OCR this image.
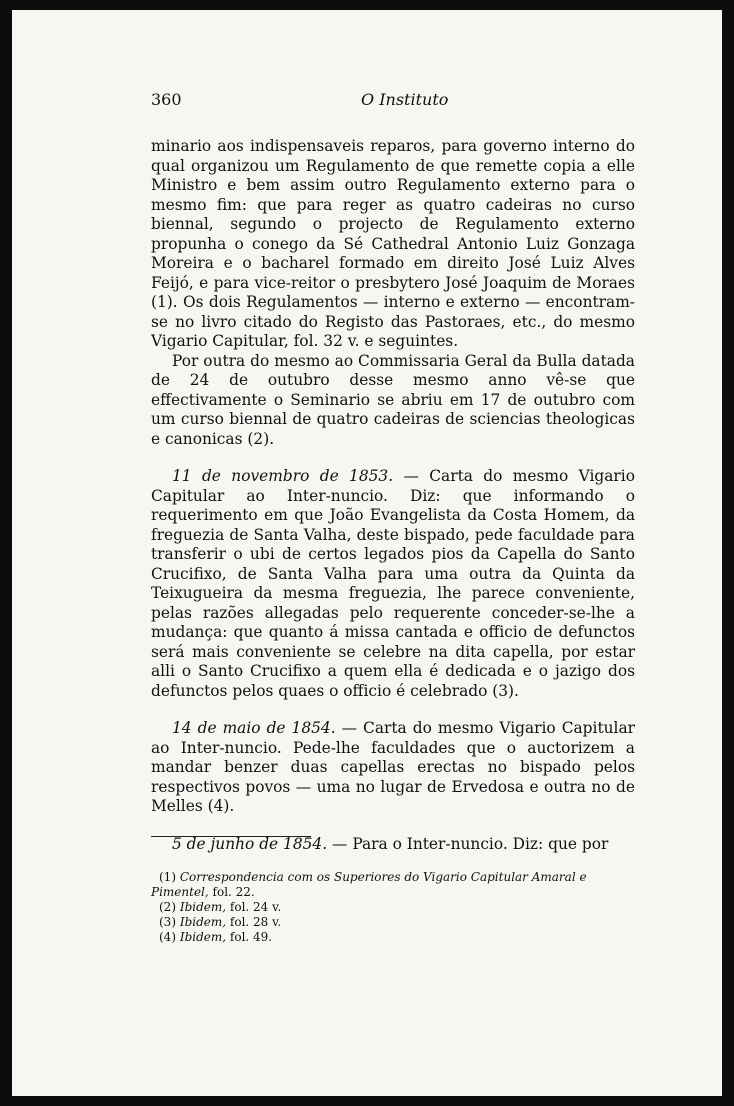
360	O Instituto

minario aos indispensaveis reparos, para governo interno do qual organizou um Regulamento de que remette copia a elle Ministro e bem assim outro Regulamento externo para o mesmo fim: que para reger as quatro cadeiras no curso biennal, segundo o projecto de Regulamento externo propunha o conego da Sé Cathedral Antonio Luiz Gonzaga Moreira e o bacharel formado em direito José Luiz Alves Feijó, e para vice-reitor o presbytero José Joaquim de Moraes (1). Os dois Regulamentos — interno e externo — encontram-se no livro citado do Registo das Pastoraes, etc., do mesmo Vigario Capitular, fol. 32 v. e seguintes.

Por outra do mesmo ao Commissaria Geral da Bulla datada de 24 de outubro desse mesmo anno vê-se que effectivamente o Seminario se abriu em 17 de outubro com um curso biennal de quatro cadeiras de sciencias theologicas e canonicas (2).

11 de novembro de 1853. — Carta do mesmo Vigario Capitular ao Inter-nuncio. Diz: que informando o requerimento em que João Evangelista da Costa Homem, da freguezia de Santa Valha, deste bispado, pede faculdade para transferir o ubi de certos legados pios da Capella do Santo Crucifixo, de Santa Valha para uma outra da Quinta da Teixugueira da mesma freguezia, lhe parece conveniente, pelas razões allegadas pelo requerente conceder-se-lhe a mudança: que quanto á missa cantada e officio de defunctos será mais conveniente se celebre na dita capella, por estar alli o Santo Crucifixo a quem ella é dedicada e o jazigo dos defunctos pelos quaes o officio é celebrado (3).

14 de maio de 1854. — Carta do mesmo Vigario Capitular ao Inter-nuncio. Pede-lhe faculdades que o auctorizem a mandar benzer duas capellas erectas no bispado pelos respectivos povos — uma no lugar de Ervedosa e outra no de Melles (4).

5 de junho de 1854. — Para o Inter-nuncio. Diz: que por

(1) Correspondencia com os Superiores do Vigario Capitular Amaral e Pimentel, fol. 22.

(2) Ibidem, fol. 24 v.

(3) Ibidem, fol. 28 v.

(4) Ibidem, fol. 49.
